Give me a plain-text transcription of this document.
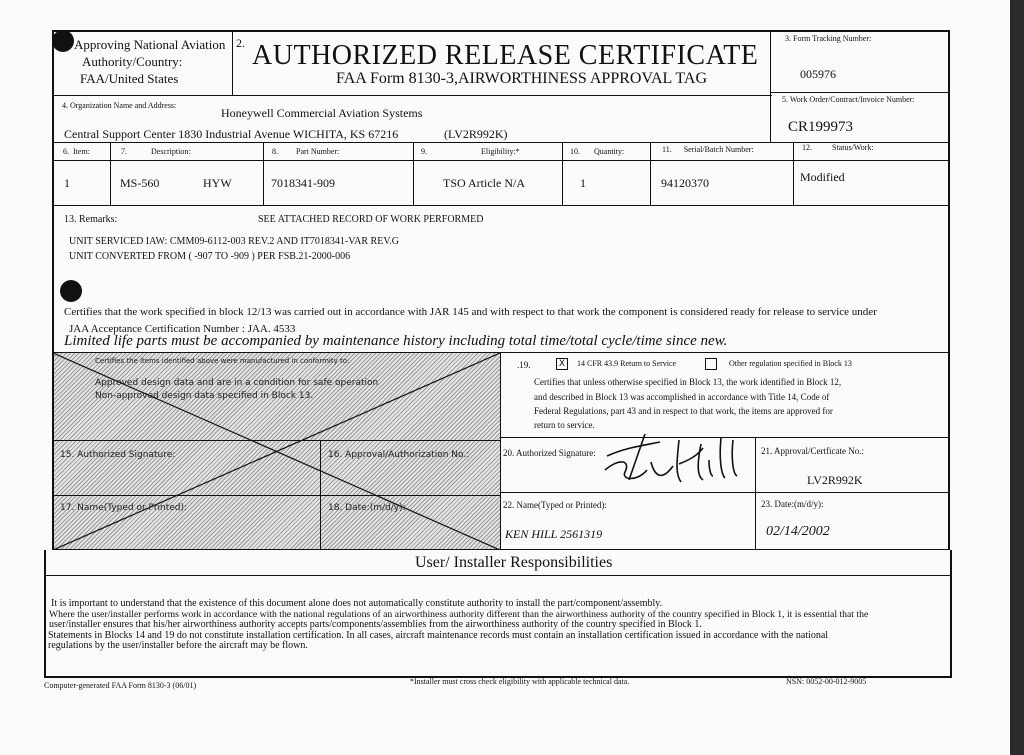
Approving National Aviation
Authority/Country:
FAA/United States
2. AUTHORIZED RELEASE CERTIFICATE
FAA Form 8130-3,AIRWORTHINESS APPROVAL TAG
3. Form Tracking Number:
005976
4. Organization Name and Address:
Honeywell Commercial Aviation Systems
Central Support Center 1830 Industrial Avenue WICHITA, KS 67216	(LV2R992K)
5. Work Order/Contract/Invoice Number:
CR199973
6.  Item:	7.            Description:	8.         Part Number:	9.                           Eligibility:*	10.       Quantity:	11.      Serial/Batch Number:	12.          Status/Work:
1	MS-560	HYW	7018341-909	TSO Article N/A	1	94120370	Modified
13. Remarks:	SEE ATTACHED RECORD OF WORK PERFORMED
UNIT SERVICED IAW: CMM09-6112-003 REV.2 AND IT7018341-VAR REV.G
UNIT CONVERTED FROM ( -907 TO -909 ) PER FSB.21-2000-006
Certifies that the work specified in block 12/13 was carried out in accordance with JAR 145 and with respect to that work the component is considered ready for release to service under
JAA Acceptance Certification Number : JAA. 4533
Limited life parts must be accompanied by maintenance history including total time/total cycle/time since new.
Certifies the items identified above were manufactured in conformity to:
Approved design data and are in a condition for safe operation
Non-approved design data specified in Block 13.
15. Authorized Signature:	16. Approval/Authorization No.:
17. Name(Typed or Printed):	18. Date:(m/d/y):
.19.	X	14 CFR 43.9 Return to Service	Other regulation specified in Block 13
Certifies that unless otherwise specified in Block 13, the work identified in Block 12,
and described in Block 13 was accomplished in accordance with Title 14, Code of
Federal Regulations, part 43 and in respect to that work, the items are approved for
return to service.
20. Authorized Signature:	21. Approval/Certficate No.:
LV2R992K
22. Name(Typed or Printed):
KEN HILL 2561319
23. Date:(m/d/y):
02/14/2002
User/ Installer Responsibilities
It is important to understand that the existence of this document alone does not automatically constitute authority to install the part/component/assembly.
Where the user/installer performs work in accordance with the national regulations of an airworthiness authority different than the airworthiness authority of the country specified in Block 1, it is essential that the
user/installer ensures that his/her airworthiness authority accepts parts/components/assemblies from the airworthiness authority of the country specified in Block 1.
Statements in Blocks 14 and 19 do not constitute installation certification. In all cases, aircraft maintenance records must contain an installation certification issued in accordance with the national
regulations by the user/installer before the aircraft may be flown.
Computer-generated FAA Form 8130-3 (06/01)	*Installer must cross check eligibility with applicable technical data.	NSN: 0052-00-012-9005
